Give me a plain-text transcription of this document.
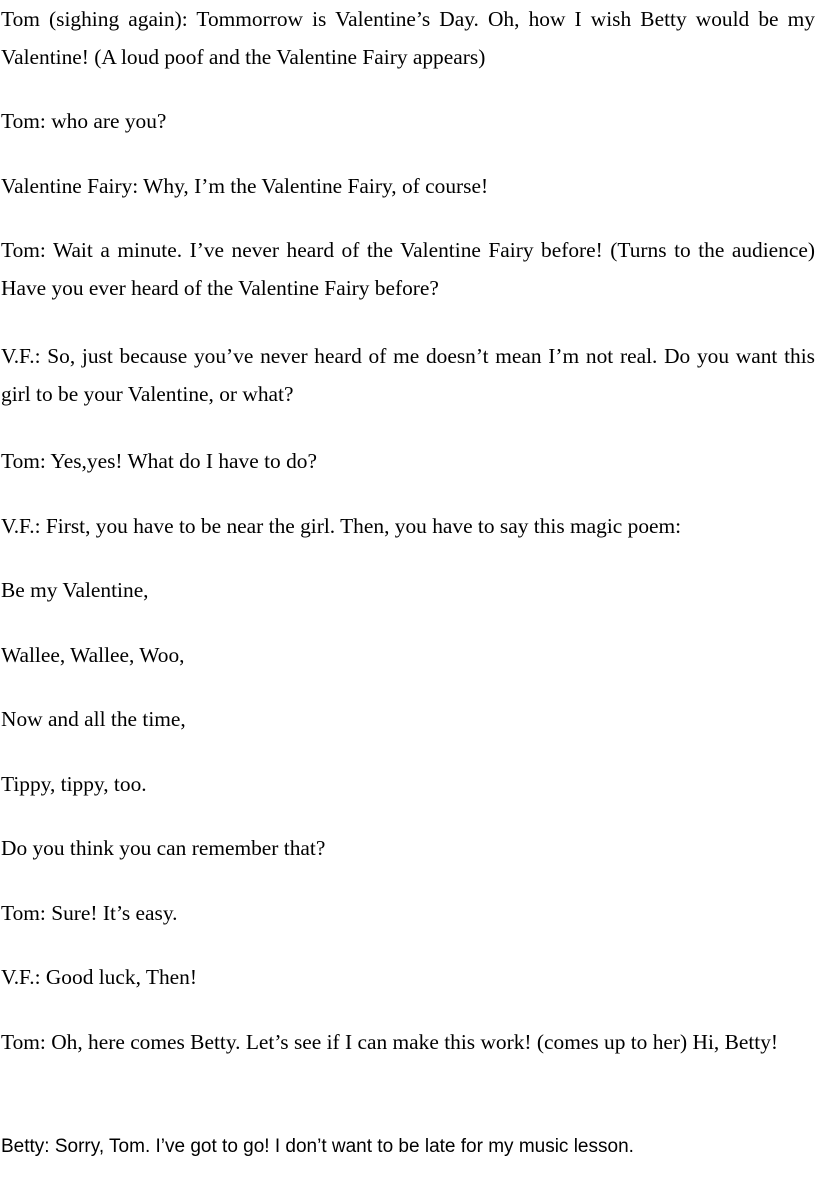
Tom (sighing again): Tommorrow is Valentine’s Day. Oh, how I wish Betty would be my Valentine! (A loud poof and the Valentine Fairy appears)

Tom: who are you?

Valentine Fairy: Why, I’m the Valentine Fairy, of course!

Tom: Wait a minute. I’ve never heard of the Valentine Fairy before! (Turns to the audience) Have you ever heard of the Valentine Fairy before?

V.F.: So, just because you’ve never heard of me doesn’t mean I’m not real. Do you want this girl to be your Valentine, or what?

Tom: Yes,yes! What do I have to do?

V.F.: First, you have to be near the girl. Then, you have to say this magic poem:

Be my Valentine,

Wallee, Wallee, Woo,

Now and all the time,

Tippy, tippy, too.

Do you think you can remember that?

Tom: Sure! It’s easy.

V.F.: Good luck, Then!

Tom: Oh, here comes Betty. Let’s see if I can make this work! (comes up to her) Hi, Betty!

Betty: Sorry, Tom. I’ve got to go! I don’t want to be late for my music lesson.
